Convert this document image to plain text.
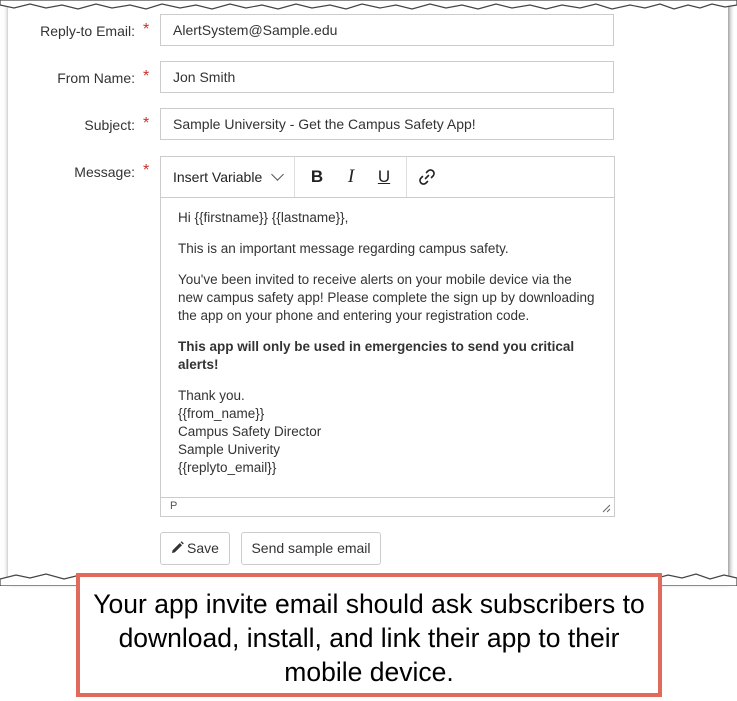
Reply-to Email: *	AlertSystem@Sample.edu
From Name: *	Jon Smith
Subject: *	Sample University - Get the Campus Safety App!
Message: *	Insert Variable	B	I	U

Hi {{firstname}} {{lastname}},

This is an important message regarding campus safety.

You've been invited to receive alerts on your mobile device via the new campus safety app! Please complete the sign up by downloading the app on your phone and entering your registration code.

This app will only be used in emergencies to send you critical alerts!

Thank you.
{{from_name}}
Campus Safety Director
Sample Univerity
{{replyto_email}}
P
Save	Send sample email
Your app invite email should ask subscribers to download, install, and link their app to their mobile device.
